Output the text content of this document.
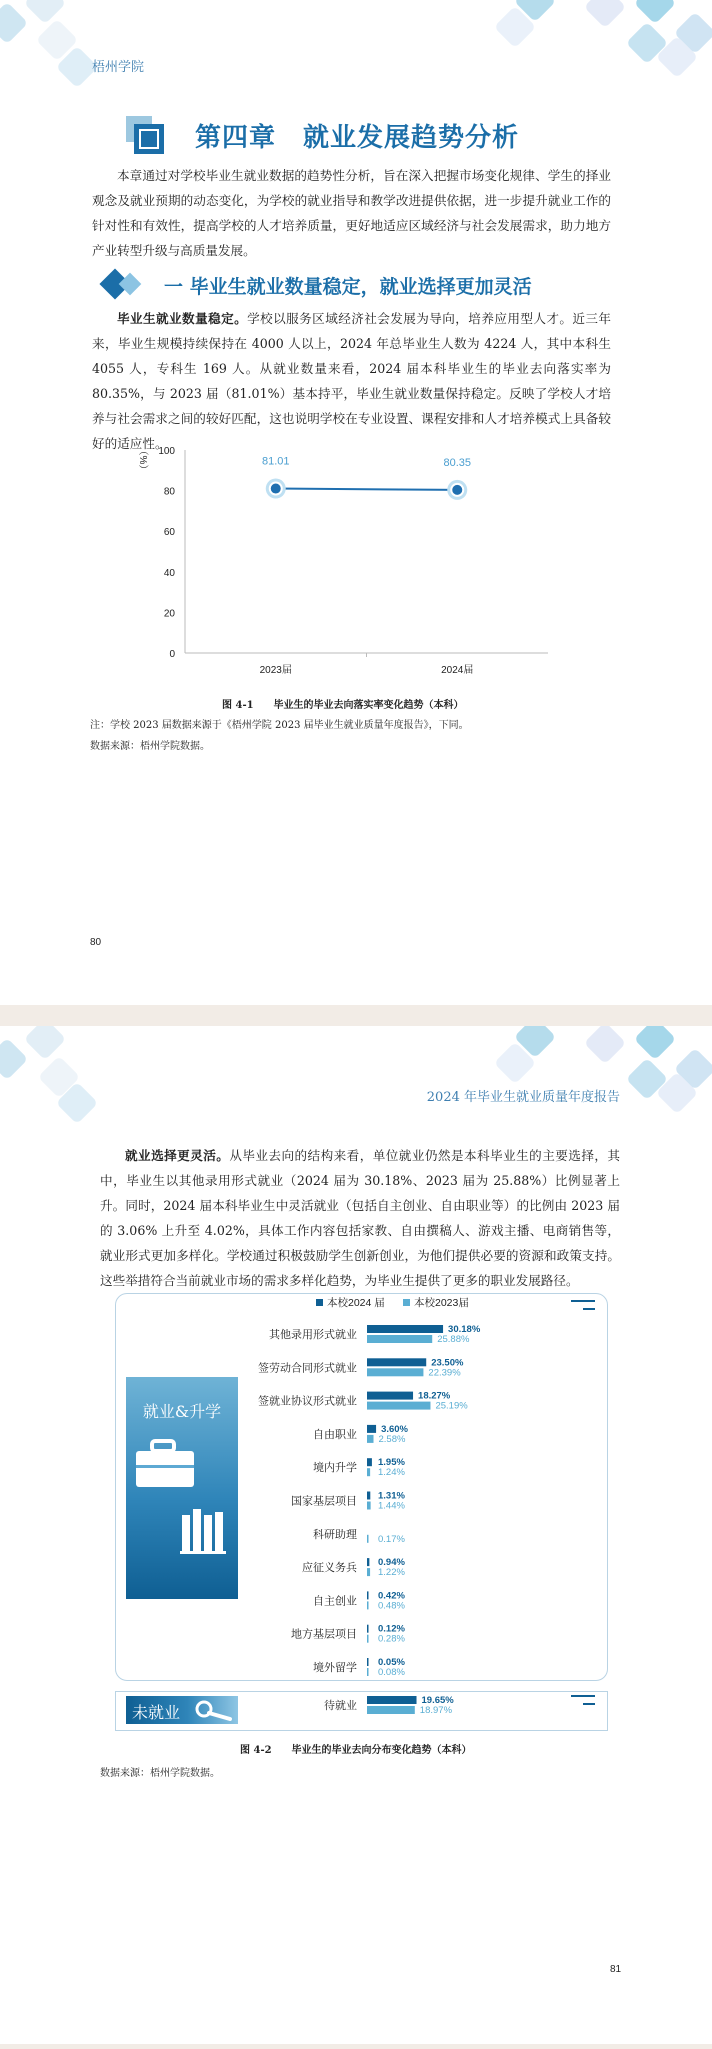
梧州学院
第四章　就业发展趋势分析
本章通过对学校毕业生就业数据的趋势性分析，旨在深入把握市场变化规律、学生的择业观念及就业预期的动态变化，为学校的就业指导和教学改进提供依据，进一步提升就业工作的针对性和有效性，提高学校的人才培养质量，更好地适应区域经济与社会发展需求，助力地方产业转型升级与高质量发展。
一 毕业生就业数量稳定，就业选择更加灵活
毕业生就业数量稳定。学校以服务区域经济社会发展为导向，培养应用型人才。近三年来，毕业生规模持续保持在 4000 人以上，2024 年总毕业生人数为 4224 人，其中本科生 4055 人，专科生 169 人。从就业数量来看，2024 届本科毕业生的毕业去向落实率为 80.35%，与 2023 届（81.01%）基本持平，毕业生就业数量保持稳定。反映了学校人才培养与社会需求之间的较好匹配，这也说明学校在专业设置、课程安排和人才培养模式上具备较好的适应性。
0
20
40
60
80
100
（%）	81.01
2023届
80.35
2024届
图 4-1　　毕业生的毕业去向落实率变化趋势（本科）
注：学校 2023 届数据来源于《梧州学院 2023 届毕业生就业质量年度报告》，下同。
数据来源：梧州学院数据。
80
2024 年毕业生就业质量年度报告
就业选择更灵活。从毕业去向的结构来看，单位就业仍然是本科毕业生的主要选择，其中，毕业生以其他录用形式就业（2024 届为 30.18%、2023 届为 25.88%）比例显著上升。同时，2024 届本科毕业生中灵活就业（包括自主创业、自由职业等）的比例由 2023 届的 3.06% 上升至 4.02%，具体工作内容包括家教、自由撰稿人、游戏主播、电商销售等，就业形式更加多样化。学校通过积极鼓励学生创新创业，为他们提供必要的资源和政策支持。这些举措符合当前就业市场的需求多样化趋势，为毕业生提供了更多的职业发展路径。
就业&升学
未就业
本校2024 届	本校2023届
其他录用形式就业	30.18%
25.88%
签劳动合同形式就业	23.50%
22.39%
签就业协议形式就业	18.27%
25.19%
自由职业	3.60%
2.58%
境内升学 1.95%
1.24%
国家基层项目 1.31%
1.44%
科研助理 0.17%
应征义务兵 0.94%
1.22%
自主创业 0.42%
0.48%
地方基层项目 0.12%
0.28%
境外留学 0.05%
0.08%
待就业	19.65%
18.97%
图 4-2　　毕业生的毕业去向分布变化趋势（本科）
数据来源：梧州学院数据。
81
